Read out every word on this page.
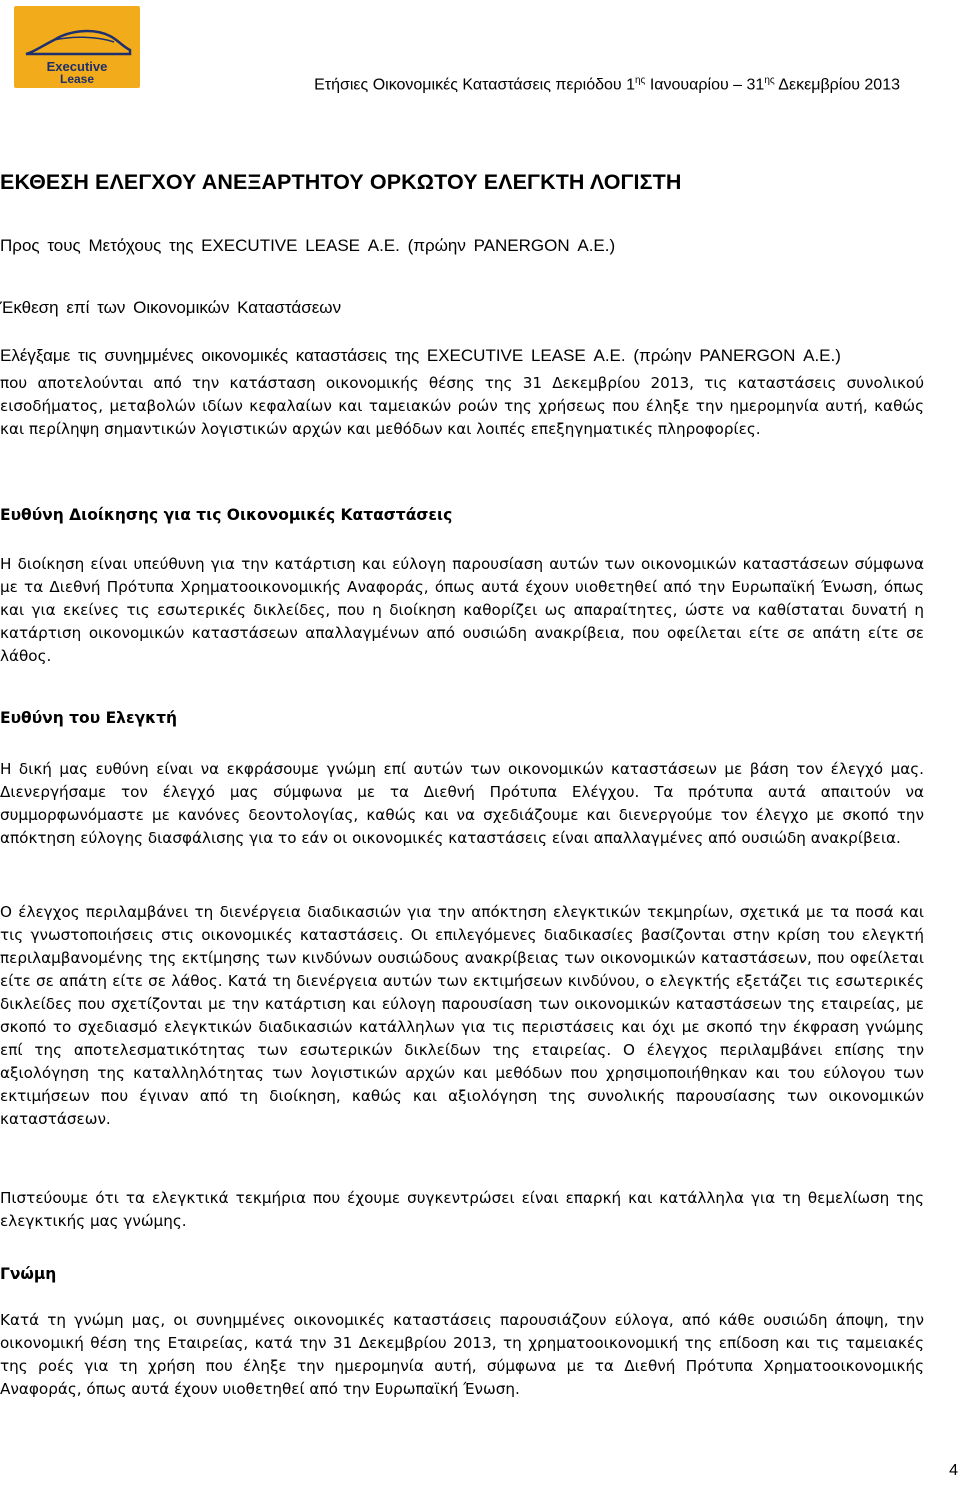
Executive
Lease	Ετήσιες Οικονομικές Καταστάσεις περιόδου $1^{\eta\varsigma}$ Ιανουαρίου – $31^{\eta\varsigma}$ Δεκεμβρίου 2013
ΕΚΘΕΣΗ ΕΛΕΓΧΟΥ ΑΝΕΞΑΡΤΗΤΟΥ ΟΡΚΩΤΟΥ ΕΛΕΓΚΤΗ ΛΟΓΙΣΤΗ

Προς τους Μετόχους της EXECUTIVE LEASE Α.Ε. (πρώην PANERGON Α.Ε.)

Έκθεση επί των Οικονομικών Καταστάσεων

Ελέγξαμε τις συνημμένες οικονομικές καταστάσεις της EXECUTIVE LEASE Α.Ε. (πρώην PANERGON Α.Ε.)

που αποτελούνται από την κατάσταση οικονομικής θέσης της 31 Δεκεμβρίου 2013, τις καταστάσεις συνολικού εισοδήματος, μεταβολών ιδίων κεφαλαίων και ταμειακών ροών της χρήσεως που έληξε την ημερομηνία αυτή, καθώς και περίληψη σημαντικών λογιστικών αρχών και μεθόδων και λοιπές επεξηγηματικές πληροφορίες.

Ευθύνη Διοίκησης για τις Οικονομικές Καταστάσεις

Η διοίκηση είναι υπεύθυνη για την κατάρτιση και εύλογη παρουσίαση αυτών των οικονομικών καταστάσεων σύμφωνα με τα Διεθνή Πρότυπα Χρηματοοικονομικής Αναφοράς, όπως αυτά έχουν υιοθετηθεί από την Ευρωπαϊκή Ένωση, όπως και για εκείνες τις εσωτερικές δικλείδες, που η διοίκηση καθορίζει ως απαραίτητες, ώστε να καθίσταται δυνατή η κατάρτιση οικονομικών καταστάσεων απαλλαγμένων από ουσιώδη ανακρίβεια, που οφείλεται είτε σε απάτη είτε σε λάθος.

Ευθύνη του Ελεγκτή

Η δική μας ευθύνη είναι να εκφράσουμε γνώμη επί αυτών των οικονομικών καταστάσεων με βάση τον έλεγχό μας. Διενεργήσαμε τον έλεγχό μας σύμφωνα με τα Διεθνή Πρότυπα Ελέγχου. Τα πρότυπα αυτά απαιτούν να συμμορφωνόμαστε με κανόνες δεοντολογίας, καθώς και να σχεδιάζουμε και διενεργούμε τον έλεγχο με σκοπό την απόκτηση εύλογης διασφάλισης για το εάν οι οικονομικές καταστάσεις είναι απαλλαγμένες από ουσιώδη ανακρίβεια.

Ο έλεγχος περιλαμβάνει τη διενέργεια διαδικασιών για την απόκτηση ελεγκτικών τεκμηρίων, σχετικά με τα ποσά και τις γνωστοποιήσεις στις οικονομικές καταστάσεις. Οι επιλεγόμενες διαδικασίες βασίζονται στην κρίση του ελεγκτή περιλαμβανομένης της εκτίμησης των κινδύνων ουσιώδους ανακρίβειας των οικονομικών καταστάσεων, που οφείλεται είτε σε απάτη είτε σε λάθος. Κατά τη διενέργεια αυτών των εκτιμήσεων κινδύνου, ο ελεγκτής εξετάζει τις εσωτερικές δικλείδες που σχετίζονται με την κατάρτιση και εύλογη παρουσίαση των οικονομικών καταστάσεων της εταιρείας, με σκοπό το σχεδιασμό ελεγκτικών διαδικασιών κατάλληλων για τις περιστάσεις και όχι με σκοπό την έκφραση γνώμης επί της αποτελεσματικότητας των εσωτερικών δικλείδων της εταιρείας. Ο έλεγχος περιλαμβάνει επίσης την αξιολόγηση της καταλληλότητας των λογιστικών αρχών και μεθόδων που χρησιμοποιήθηκαν και του εύλογου των εκτιμήσεων που έγιναν από τη διοίκηση, καθώς και αξιολόγηση της συνολικής παρουσίασης των οικονομικών καταστάσεων.

Πιστεύουμε ότι τα ελεγκτικά τεκμήρια που έχουμε συγκεντρώσει είναι επαρκή και κατάλληλα για τη θεμελίωση της ελεγκτικής μας γνώμης.

Γνώμη

Κατά τη γνώμη μας, οι συνημμένες οικονομικές καταστάσεις παρουσιάζουν εύλογα, από κάθε ουσιώδη άποψη, την οικονομική θέση της Εταιρείας, κατά την 31 Δεκεμβρίου 2013, τη χρηματοοικονομική της επίδοση και τις ταμειακές της ροές για τη χρήση που έληξε την ημερομηνία αυτή, σύμφωνα με τα Διεθνή Πρότυπα Χρηματοοικονομικής Αναφοράς, όπως αυτά έχουν υιοθετηθεί από την Ευρωπαϊκή Ένωση.

4
